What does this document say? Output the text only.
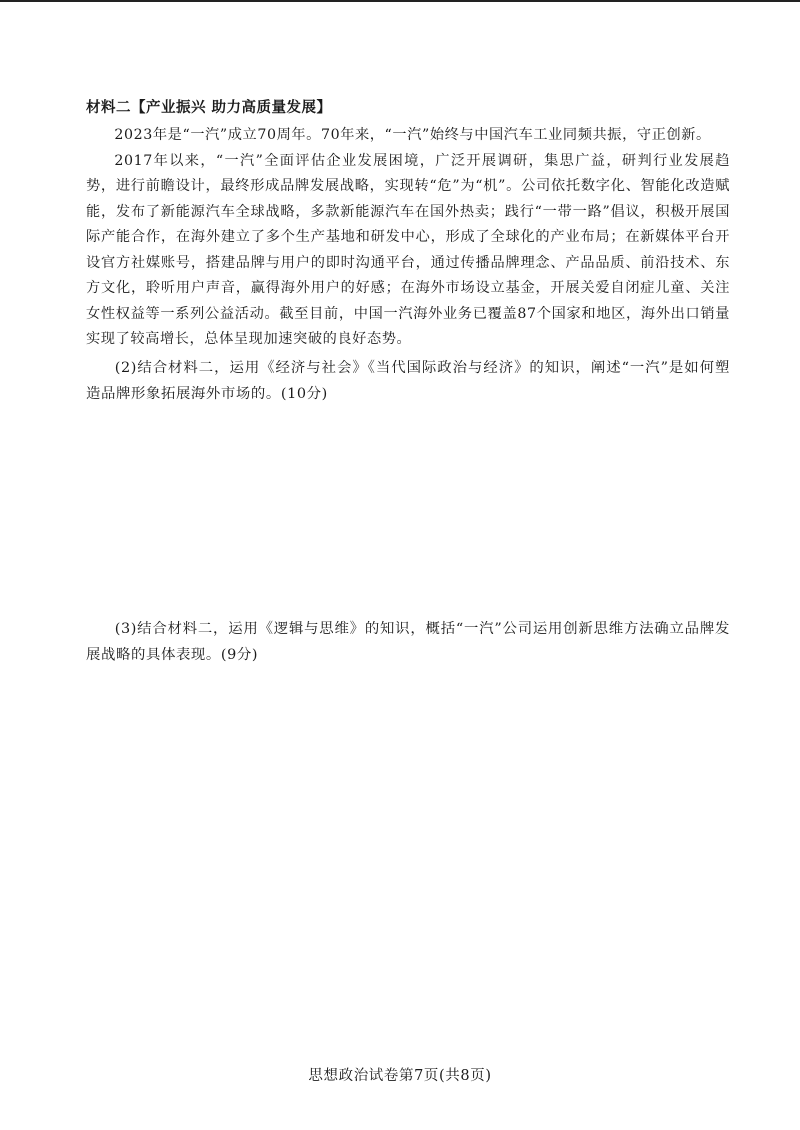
材料二【产业振兴 助力高质量发展】

2023年是“一汽”成立70周年。70年来，“一汽”始终与中国汽车工业同频共振，守正创新。

2017年以来，“一汽”全面评估企业发展困境，广泛开展调研，集思广益，研判行业发展趋势，进行前瞻设计，最终形成品牌发展战略，实现转“危”为“机”。公司依托数字化、智能化改造赋能，发布了新能源汽车全球战略，多款新能源汽车在国外热卖；践行“一带一路”倡议，积极开展国际产能合作，在海外建立了多个生产基地和研发中心，形成了全球化的产业布局；在新媒体平台开设官方社媒账号，搭建品牌与用户的即时沟通平台，通过传播品牌理念、产品品质、前沿技术、东方文化，聆听用户声音，赢得海外用户的好感；在海外市场设立基金，开展关爱自闭症儿童、关注女性权益等一系列公益活动。截至目前，中国一汽海外业务已覆盖87个国家和地区，海外出口销量实现了较高增长，总体呈现加速突破的良好态势。

(2)结合材料二，运用《经济与社会》《当代国际政治与经济》的知识，阐述“一汽”是如何塑造品牌形象拓展海外市场的。(10分)

(3)结合材料二，运用《逻辑与思维》的知识，概括“一汽”公司运用创新思维方法确立品牌发展战略的具体表现。(9分)

思想政治试卷第7页(共8页)
